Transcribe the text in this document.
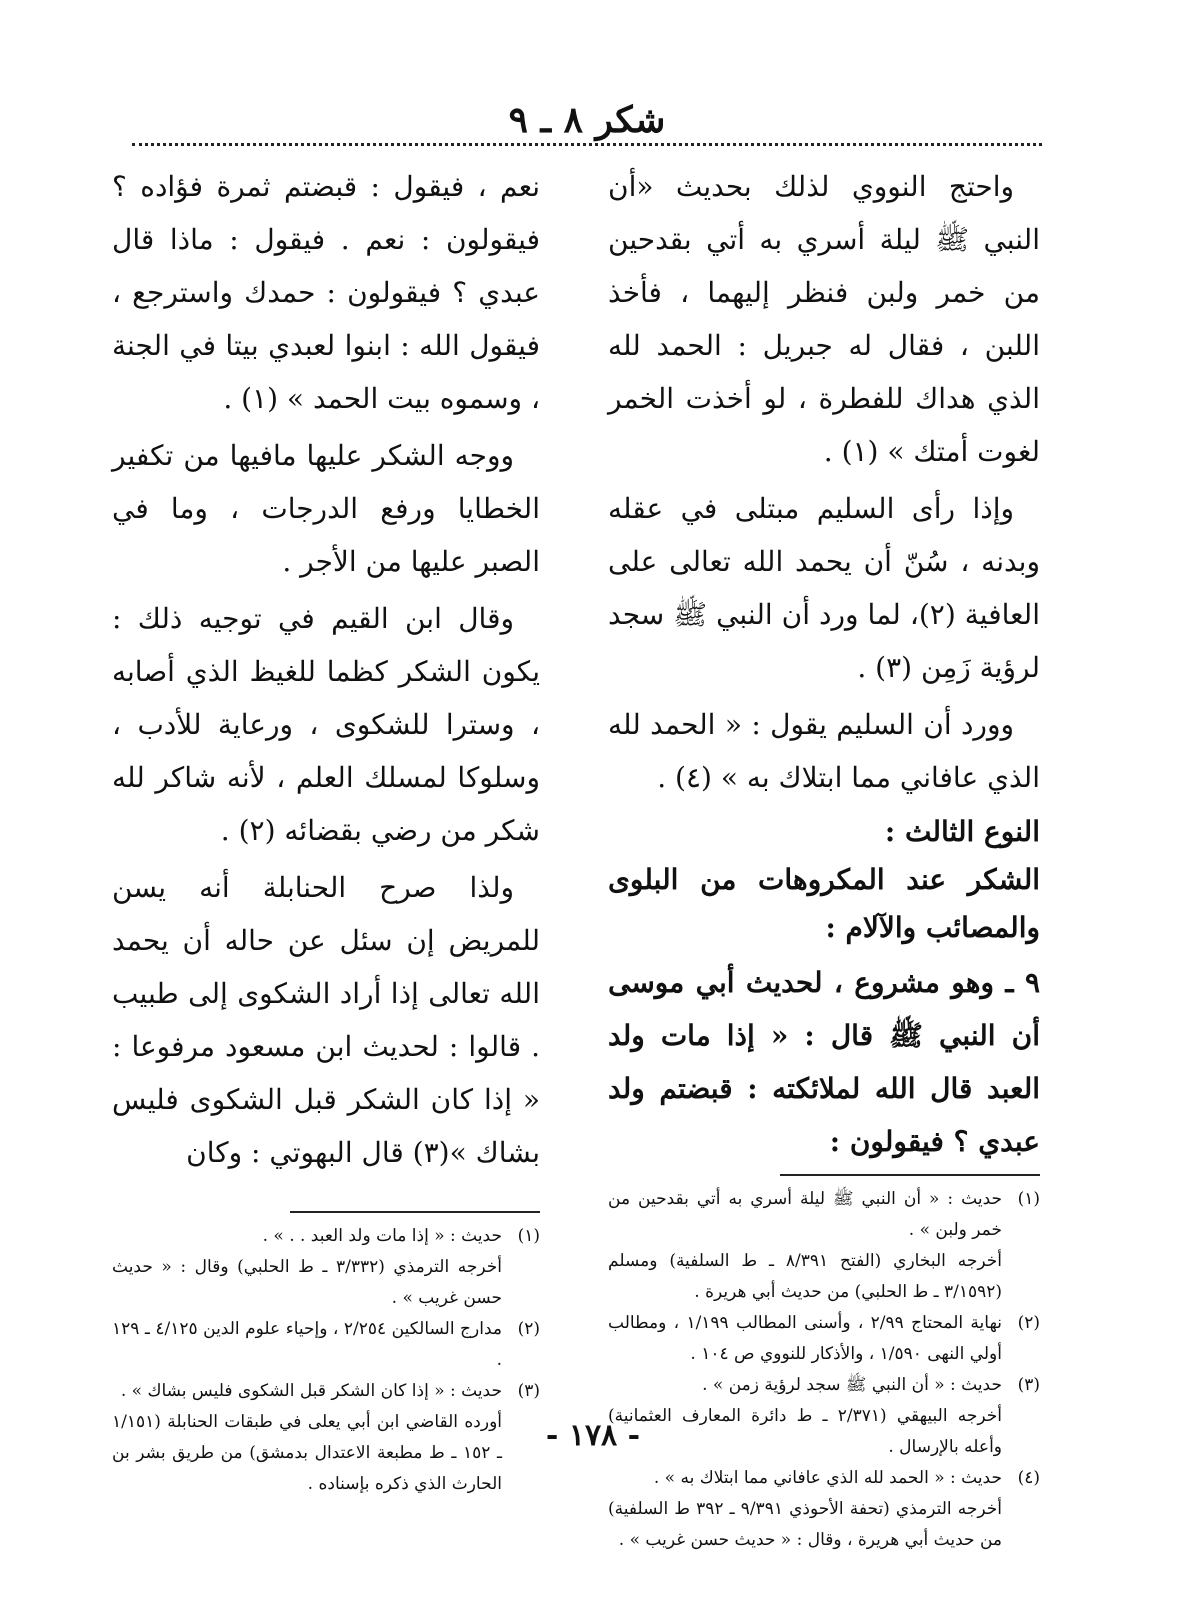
شكر ٨ ـ ٩

واحتج النووي لذلك بحديث «أن النبي ﷺ ليلة أسري به أتي بقدحين من خمر ولبن فنظر إليهما ، فأخذ اللبن ، فقال له جبريل : الحمد لله الذي هداك للفطرة ، لو أخذت الخمر لغوت أمتك » (١) .

وإذا رأى السليم مبتلى في عقله وبدنه ، سُنّ أن يحمد الله تعالى على العافية (٢)، لما ورد أن النبي ﷺ سجد لرؤية زَمِن (٣) .

وورد أن السليم يقول : « الحمد لله الذي عافاني مما ابتلاك به » (٤) .

النوع الثالث :
الشكر عند المكروهات من البلوى والمصائب والآلام :

٩ ـ وهو مشروع ، لحديث أبي موسى أن النبي ﷺ قال : « إذا مات ولد العبد قال الله لملائكته : قبضتم ولد عبدي ؟ فيقولون :

(١)
حديث : « أن النبي ﷺ ليلة أسري به أتي بقدحين من خمر ولبن » .
أخرجه البخاري (الفتح ٨/٣٩١ ـ ط السلفية) ومسلم (٣/١٥٩٢ ـ ط الحلبي) من حديث أبي هريرة .
(٢)
نهاية المحتاج ٢/٩٩ ، وأسنى المطالب ١/١٩٩ ، ومطالب أولي النهى ١/٥٩٠ ، والأذكار للنووي ص ١٠٤ .
(٣)
حديث : « أن النبي ﷺ سجد لرؤية زمن » .
أخرجه البيهقي (٢/٣٧١ ـ ط دائرة المعارف العثمانية) وأعله بالإرسال .
(٤)
حديث : « الحمد لله الذي عافاني مما ابتلاك به » .
أخرجه الترمذي (تحفة الأحوذي ٩/٣٩١ ـ ٣٩٢ ط السلفية) من حديث أبي هريرة ، وقال : « حديث حسن غريب » .

نعم ، فيقول : قبضتم ثمرة فؤاده ؟ فيقولون : نعم . فيقول : ماذا قال عبدي ؟ فيقولون : حمدك واسترجع ، فيقول الله : ابنوا لعبدي بيتا في الجنة ، وسموه بيت الحمد » (١) .

ووجه الشكر عليها مافيها من تكفير الخطايا ورفع الدرجات ، وما في الصبر عليها من الأجر .

وقال ابن القيم في توجيه ذلك : يكون الشكر كظما للغيظ الذي أصابه ، وسترا للشكوى ، ورعاية للأدب ، وسلوكا لمسلك العلم ، لأنه شاكر لله شكر من رضي بقضائه (٢) .

ولذا صرح الحنابلة أنه يسن للمريض إن سئل عن حاله أن يحمد الله تعالى إذا أراد الشكوى إلى طبيب . قالوا : لحديث ابن مسعود مرفوعا : « إذا كان الشكر قبل الشكوى فليس بشاك »(٣) قال البهوتي : وكان

(١)
حديث : « إذا مات ولد العبد . . » .
أخرجه الترمذي (٣/٣٣٢ ـ ط الحلبي) وقال : « حديث حسن غريب » .
(٢)
مدارج السالكين ٢/٢٥٤ ، وإحياء علوم الدين ٤/١٢٥ ـ ١٢٩ .
(٣)
حديث : « إذا كان الشكر قبل الشكوى فليس بشاك » .
أورده القاضي ابن أبي يعلى في طبقات الحنابلة (١/١٥١ ـ ١٥٢ ـ ط مطبعة الاعتدال بدمشق) من طريق بشر بن الحارث الذي ذكره بإسناده .
- ١٧٨ -
